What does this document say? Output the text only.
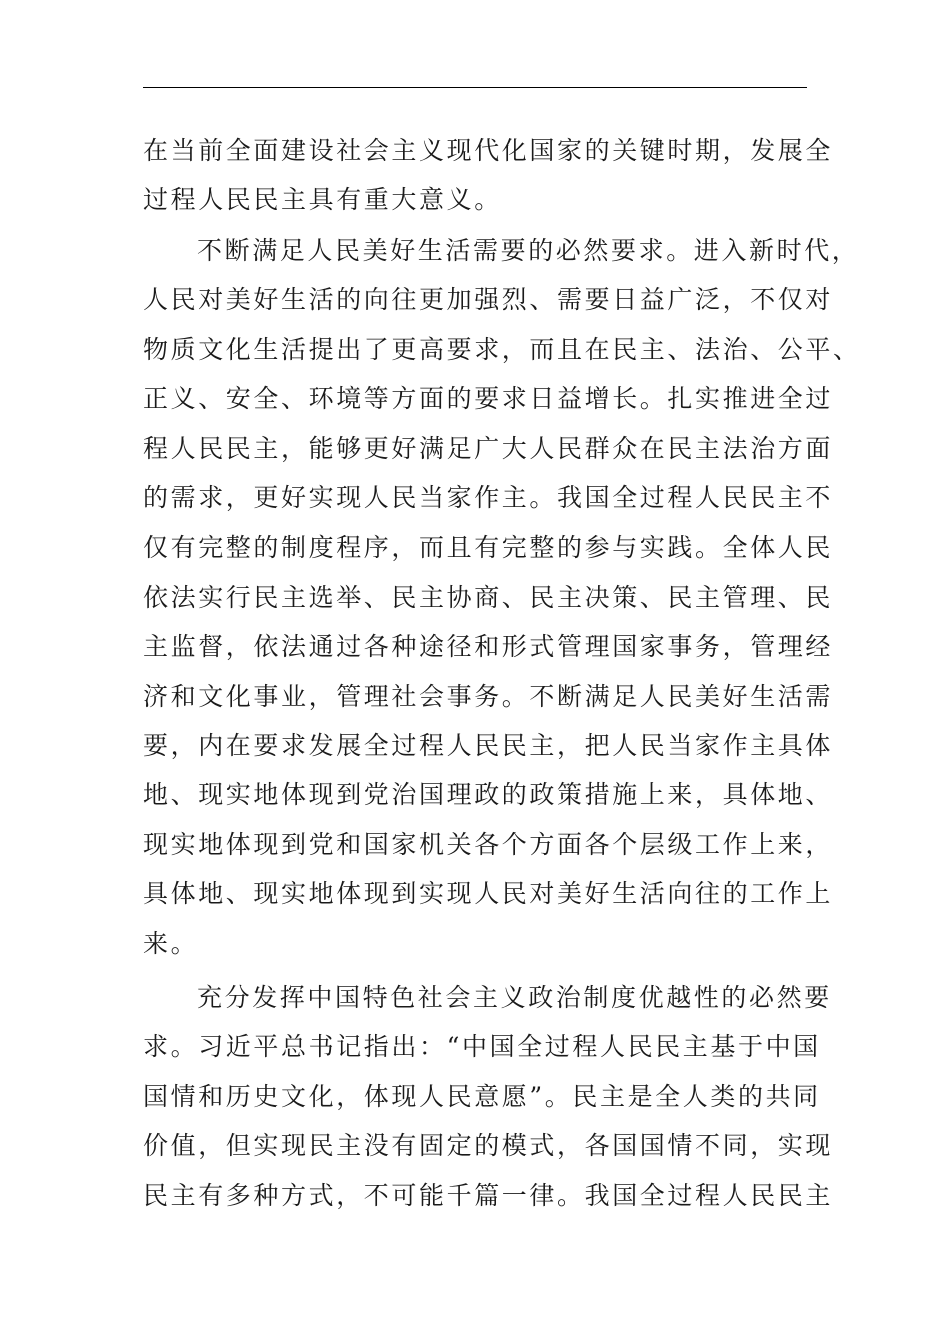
在当前全面建设社会主义现代化国家的关键时期，发展全
过程人民民主具有重大意义。
不断满足人民美好生活需要的必然要求。进入新时代，
人民对美好生活的向往更加强烈、需要日益广泛，不仅对
物质文化生活提出了更高要求，而且在民主、法治、公平、
正义、安全、环境等方面的要求日益增长。扎实推进全过
程人民民主，能够更好满足广大人民群众在民主法治方面
的需求，更好实现人民当家作主。我国全过程人民民主不
仅有完整的制度程序，而且有完整的参与实践。全体人民
依法实行民主选举、民主协商、民主决策、民主管理、民
主监督，依法通过各种途径和形式管理国家事务，管理经
济和文化事业，管理社会事务。不断满足人民美好生活需
要，内在要求发展全过程人民民主，把人民当家作主具体
地、现实地体现到党治国理政的政策措施上来，具体地、
现实地体现到党和国家机关各个方面各个层级工作上来，
具体地、现实地体现到实现人民对美好生活向往的工作上
来。
充分发挥中国特色社会主义政治制度优越性的必然要
求。习近平总书记指出：“中国全过程人民民主基于中国
国情和历史文化，体现人民意愿”。民主是全人类的共同
价值，但实现民主没有固定的模式，各国国情不同，实现
民主有多种方式，不可能千篇一律。我国全过程人民民主
